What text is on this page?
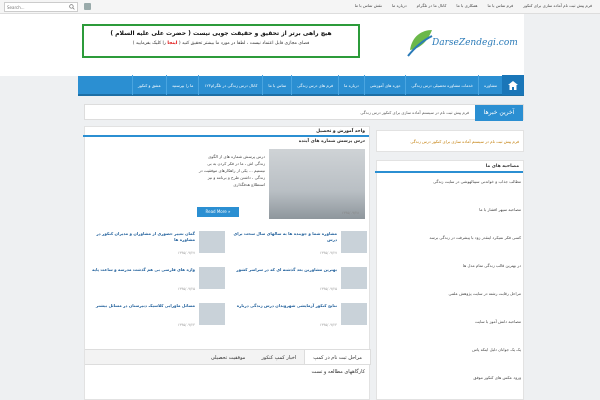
Search...
فرم پیش ثبت نام آماده سازی برای کنکور
فرم تماس با ما
همکاری با ما
کانال ما در تلگرام
درباره ما
نقش تماس با ما
هیچ راهی برتر از تحقیق و حقیقت جویی نیست ( حضرت علی علیه السلام )
فضای مجازی قابل اعتماد نیست ، لطفا در مورد ما بیشتر تحقیق کنید ( اینجا را کلیک بفرمایید )	DarseZendegi.com
مشاوره
خدمات مشاوره تحصیلی درس زندگی
دوره های آموزشی
درباره ما
فرم های درس زندگی
تماس با ما
۱۲۳کانال درس زندگی در تلگرام
ما را بپرستید
عشق و کنکور
آخرین خبرها
فرم پیش ثبت نام در سیستم آماده سازی برای کنکور درس زندگی
واحد آموزش و تحصیل
درس پرسش شماره های آینده
۱۳۹۵/۰۹/۲۸
درس پرسش شماره های از الگوی زندگی اش ، ما در فکر کردن به بی نیستیم ... یکی از راهکارهای موفقیت در زندگی ، داشتن طرح و برنامه و نیز استطلاع هدفگذاری
Read More »
مشاوره شما و جوینده ها به سالهای سال سخت برای درس
۱۳۹۵/۰۹/۲۷
گمان تغییر حضوری از مشاوران و مدیران کنکور در مشاوره ها
۱۳۹۵/۰۹/۲۷
بهترین مشاورین بعد گذشته ای که در سراسر کشور
۱۳۹۵/۰۹/۲۵
واژه های فارسی بی هم گذشت مدرسه و ساعت پایه
۱۳۹۵/۰۹/۲۵
نتایج کنکور آزمایشی شهروندان درس زندگی درباره
۱۳۹۵/۰۹/۲۴
مسائل ماورایی کلاسیک دبیرستان در مسائل بیشتر
۱۳۹۵/۰۹/۲۴
مراحل ثبت نام در کمپ
اخبار کمپ کنکور
موفقیت تحصیلی
کارگاههای مطالعه و تست
فرم پیش ثبت نام در سیستم آماده سازی برای کنکور درس زندگی
مصاحبه های ما
مطالب جذاب و خواندنی سیبالهوشی در سایت زندگی
مصاحبه سپهر افشار با ما
کسی فکر نمیکرد اینقدر زود با پیشرفت در زندگی برسد
در بهترین قالب زندگی تمام مدل ها
مراحل رقابت رشته در سایت پژوهش علمی
مصاحبه دانش آموز با سایت
یک یک جوانان دلیل اینکه پاس
ورود عکس های کنکور موفق
